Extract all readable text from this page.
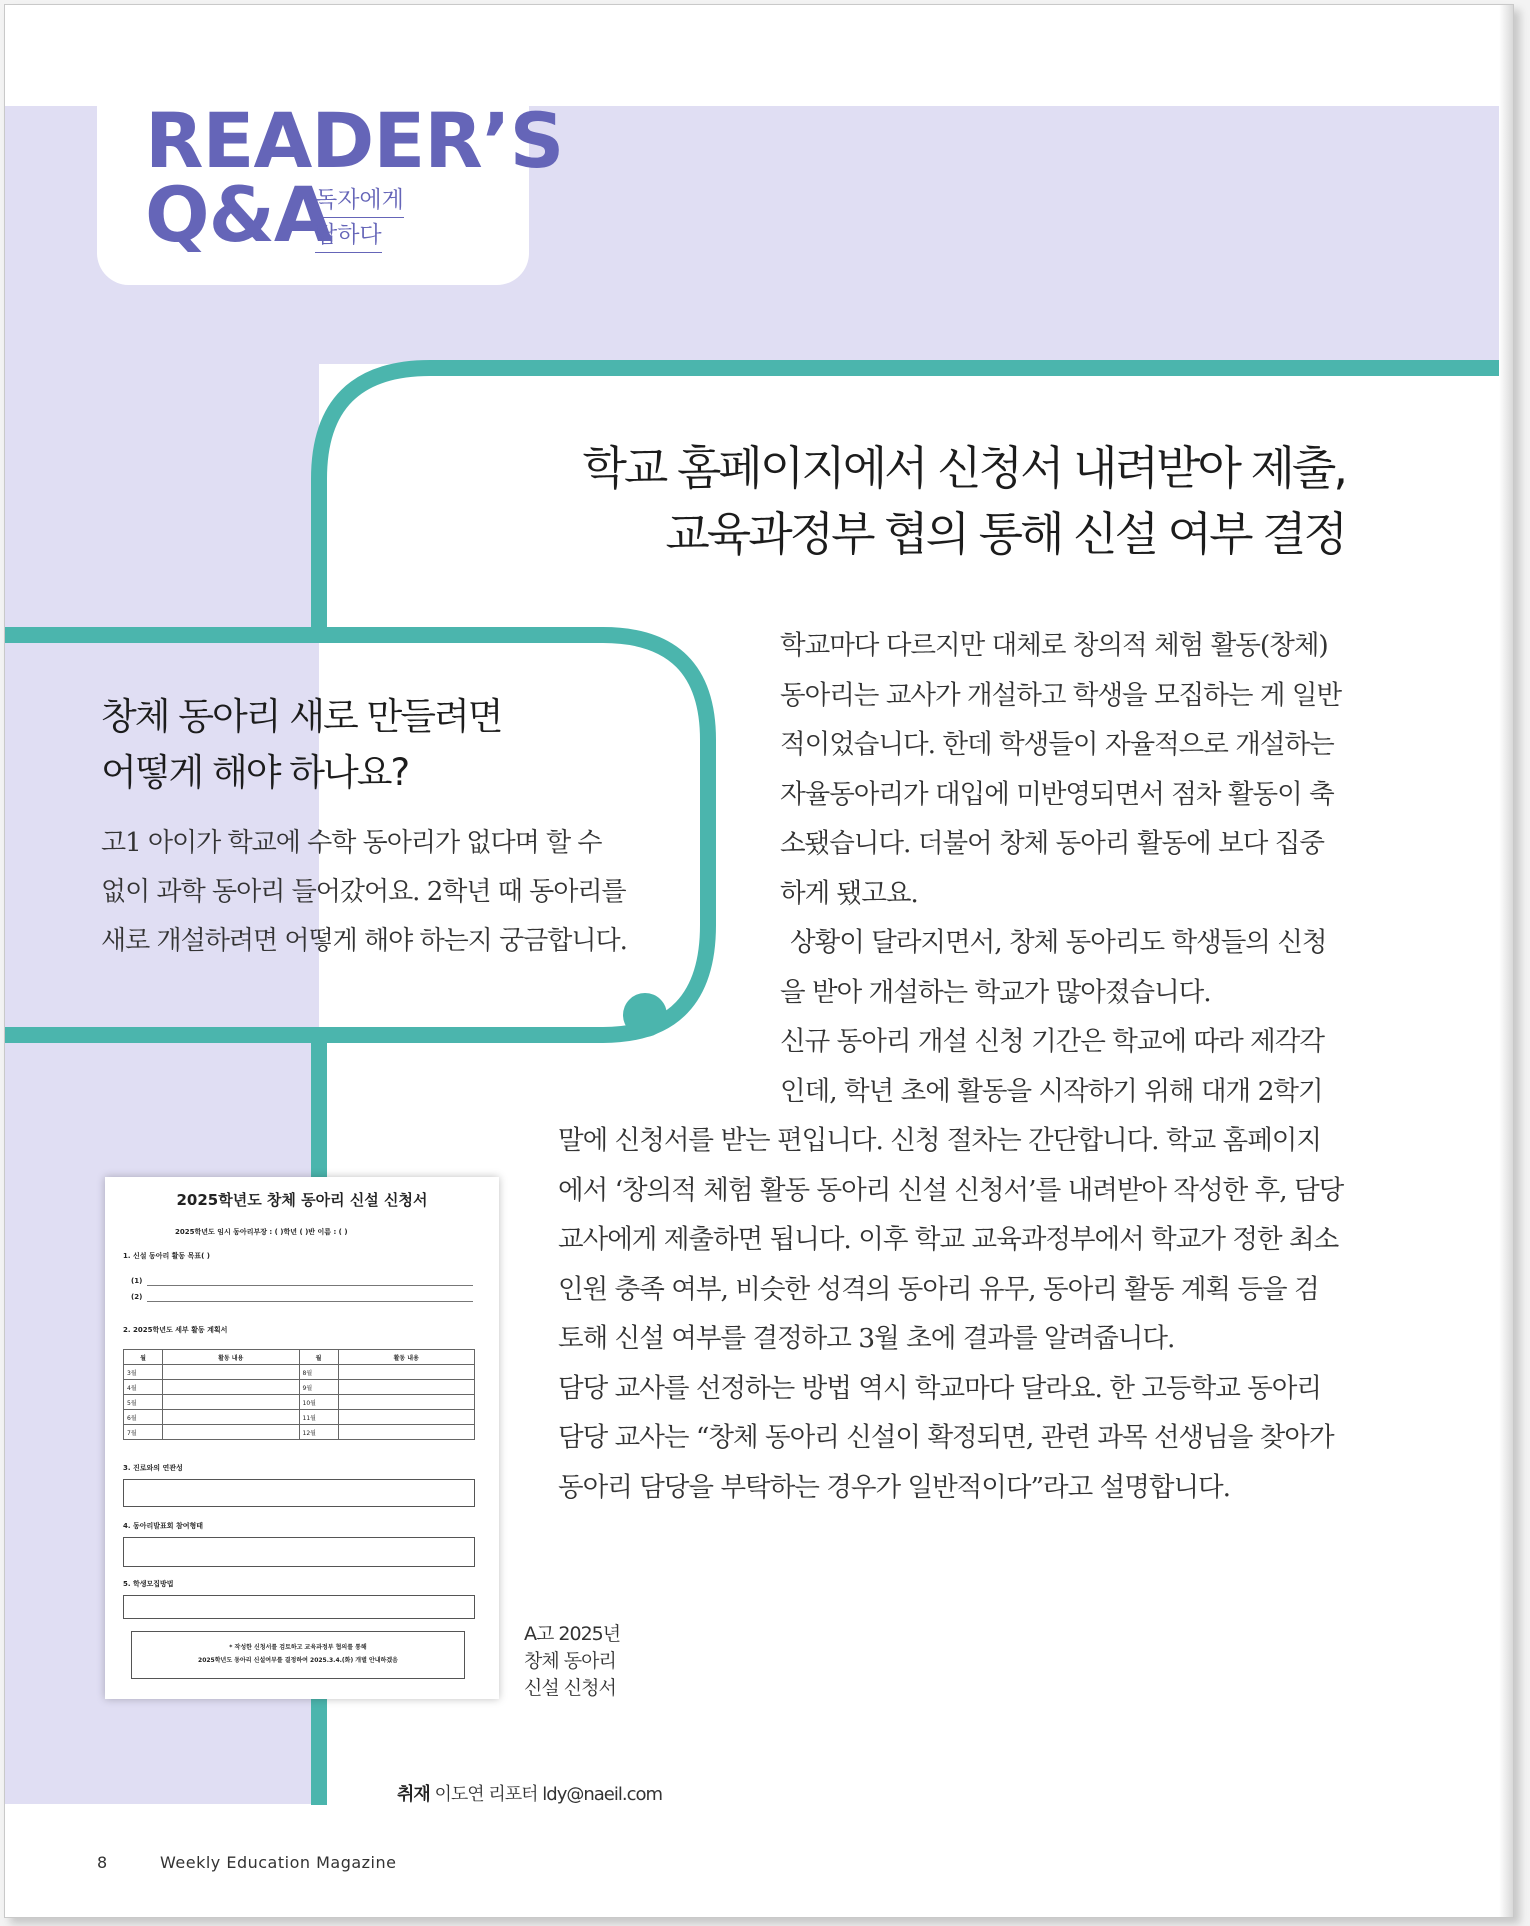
READER’S
Q&A
독자에게
답하다
학교 홈페이지에서 신청서 내려받아 제출,
교육과정부 협의 통해 신설 여부 결정
창체 동아리 새로 만들려면
어떻게 해야 하나요?
고1 아이가 학교에 수학 동아리가 없다며 할 수
없이 과학 동아리 들어갔어요. 2학년 때 동아리를
새로 개설하려면 어떻게 해야 하는지 궁금합니다.

학교마다 다르지만 대체로 창의적 체험 활동(창체)

동아리는 교사가 개설하고 학생을 모집하는 게 일반

적이었습니다. 한데 학생들이 자율적으로 개설하는

자율동아리가 대입에 미반영되면서 점차 활동이 축

소됐습니다. 더불어 창체 동아리 활동에 보다 집중

하게 됐고요.

상황이 달라지면서, 창체 동아리도 학생들의 신청

을 받아 개설하는 학교가 많아졌습니다.

신규 동아리 개설 신청 기간은 학교에 따라 제각각

인데, 학년 초에 활동을 시작하기 위해 대개 2학기

말에 신청서를 받는 편입니다. 신청 절차는 간단합니다. 학교 홈페이지

에서 ‘창의적 체험 활동 동아리 신설 신청서’를 내려받아 작성한 후, 담당

교사에게 제출하면 됩니다. 이후 학교 교육과정부에서 학교가 정한 최소

인원 충족 여부, 비슷한 성격의 동아리 유무, 동아리 활동 계획 등을 검

토해 신설 여부를 결정하고 3월 초에 결과를 알려줍니다.

담당 교사를 선정하는 방법 역시 학교마다 달라요. 한 고등학교 동아리

담당 교사는 “창체 동아리 신설이 확정되면, 관련 과목 선생님을 찾아가

동아리 담당을 부탁하는 경우가 일반적이다”라고 설명합니다.

2025학년도 창체 동아리 신설 신청서
2025학년도 임시 동아리부장 : ( )학년 ( )반 이름 : ( )
1. 신설 동아리 활동 목표( )
(1)
(2)
2. 2025학년도 세부 활동 계획서
월	활동 내용	월	활동 내용
3월		8월	
4월		9월	
5월		10월	
6월		11월	
7월		12월	
3. 진로와의 연관성
4. 동아리발표회 참여형태
5. 학생모집방법
* 작성한 신청서를 검토하고 교육과정부 협의를 통해
2025학년도 동아리 신설여부를 결정하여 2025.3.4.(화) 개별 안내하겠음
A고 2025년
창체 동아리
신설 신청서
취재 이도연 리포터 ldy@naeil.com
8	Weekly Education Magazine
